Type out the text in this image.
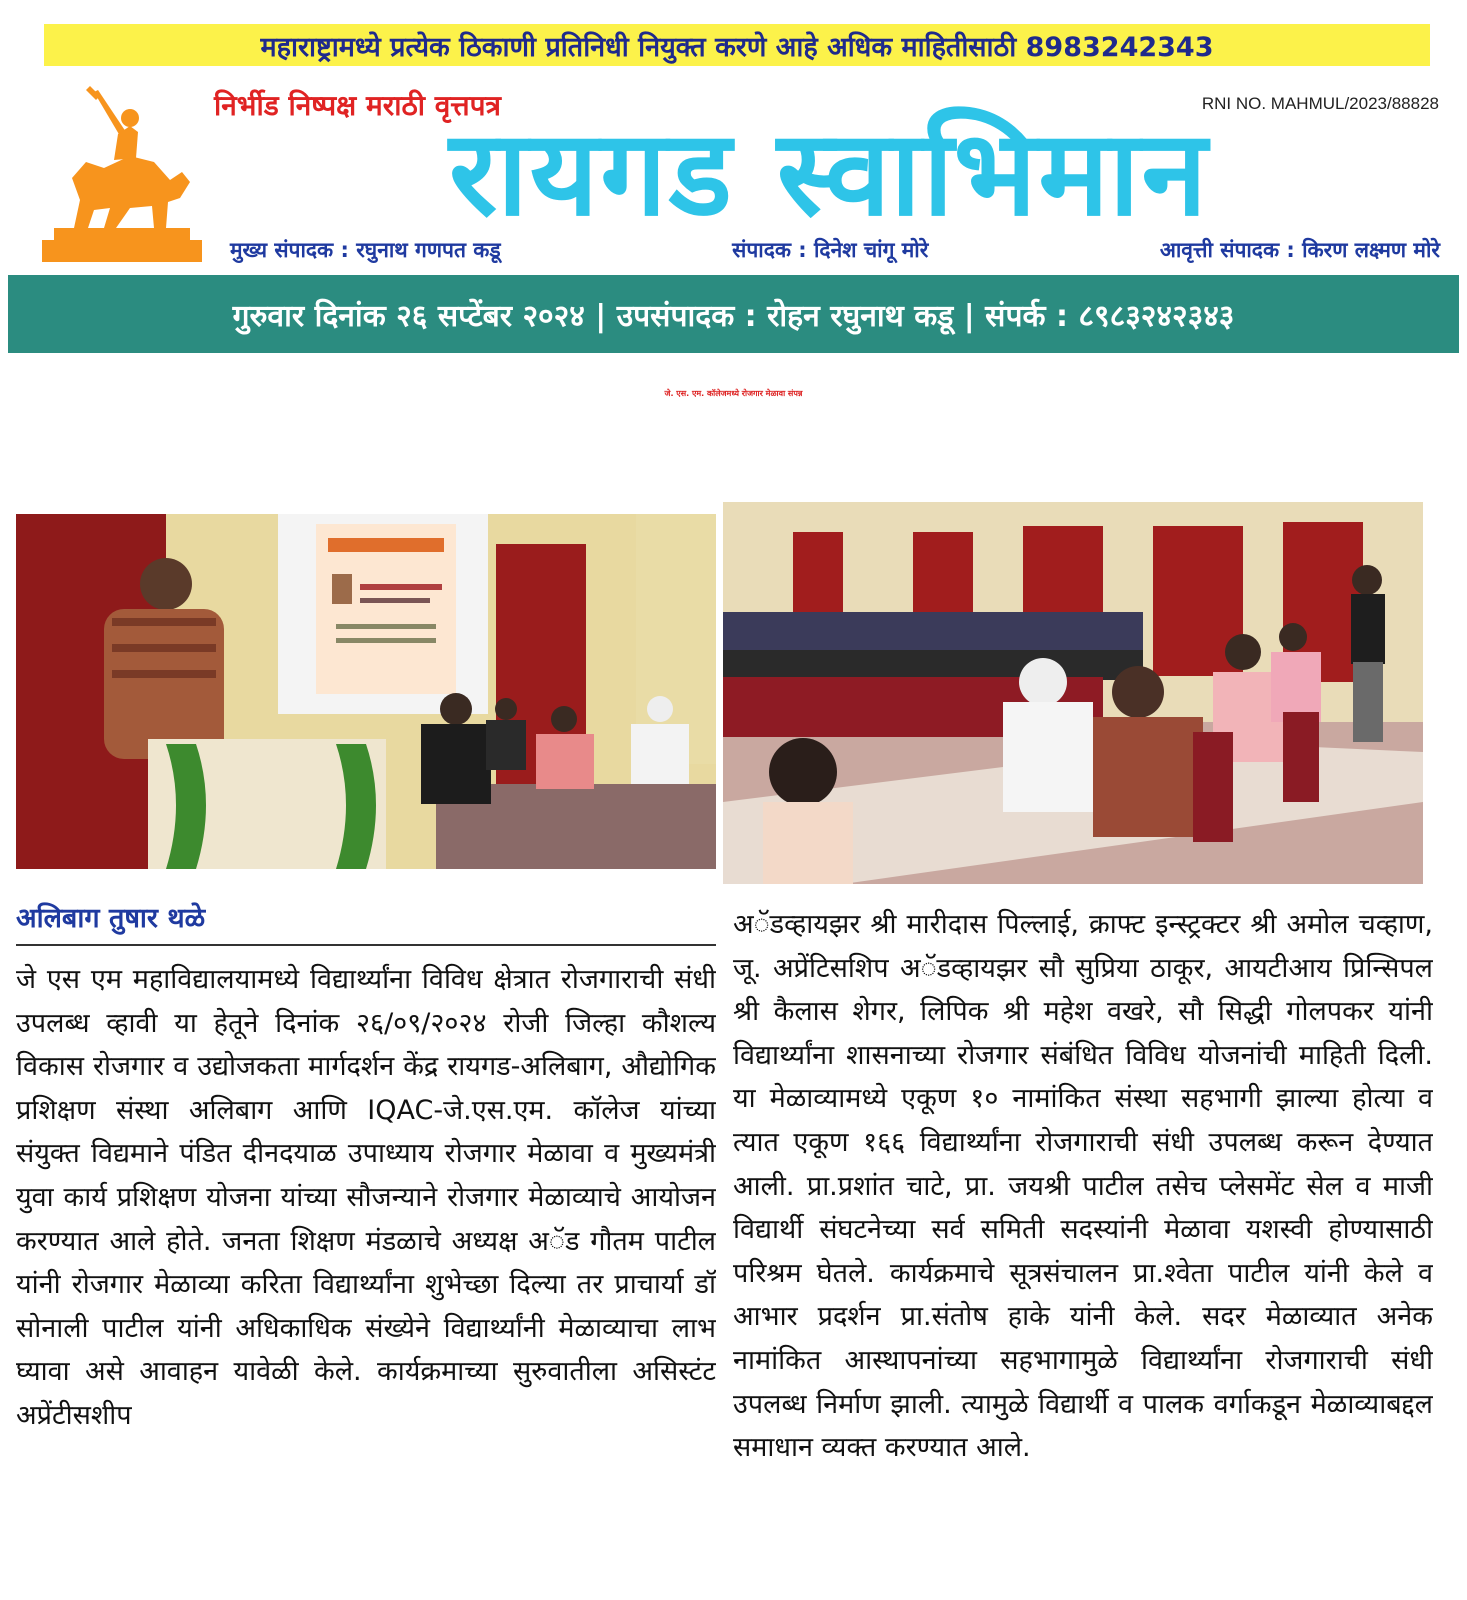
महाराष्ट्रामध्ये प्रत्येक ठिकाणी प्रतिनिधी नियुक्त करणे आहे अधिक माहितीसाठी 8983242343
निर्भीड निष्पक्ष मराठी वृत्तपत्र	RNI NO. MAHMUL/2023/88828
रायगड स्वाभिमान
मुख्य संपादक : रघुनाथ गणपत कडू	संपादक : दिनेश चांगू मोरे	आवृत्ती संपादक : किरण लक्ष्मण मोरे
गुरुवार दिनांक २६ सप्टेंबर २०२४ | उपसंपादक : रोहन रघुनाथ कडू | संपर्क : ८९८३२४२३४३
जे. एस. एम. कॉलेजमध्ये रोजगार मेळावा संपन्न
अलिबाग तुषार थळे
जे एस एम महाविद्यालयामध्ये विद्यार्थ्यांना विविध क्षेत्रात रोजगाराची संधी उपलब्ध व्हावी या हेतूने दिनांक २६/०९/२०२४ रोजी जिल्हा कौशल्य विकास रोजगार व उद्योजकता मार्गदर्शन केंद्र रायगड-अलिबाग, औद्योगिक प्रशिक्षण संस्था अलिबाग आणि IQAC-जे.एस.एम. कॉलेज यांच्या संयुक्त विद्यमाने पंडित दीनदयाळ उपाध्याय रोजगार मेळावा व मुख्यमंत्री युवा कार्य प्रशिक्षण योजना यांच्या सौजन्याने रोजगार मेळाव्याचे आयोजन करण्यात आले होते. जनता शिक्षण मंडळाचे अध्यक्ष अॅड गौतम पाटील यांनी रोजगार मेळाव्या करिता विद्यार्थ्यांना शुभेच्छा दिल्या तर प्राचार्या डॉ सोनाली पाटील यांनी अधिकाधिक संख्येने विद्यार्थ्यांनी मेळाव्याचा लाभ घ्यावा असे आवाहन यावेळी केले. कार्यक्रमाच्या सुरुवातीला असिस्टंट अप्रेंटीसशीप
अॅडव्हायझर श्री मारीदास पिल्लाई, क्राफ्ट इन्स्ट्रक्टर श्री अमोल चव्हाण, जू. अप्रेंटिसशिप अॅडव्हायझर सौ सुप्रिया ठाकूर, आयटीआय प्रिन्सिपल श्री कैलास शेगर, लिपिक श्री महेश वखरे, सौ सिद्धी गोलपकर यांनी विद्यार्थ्यांना शासनाच्या रोजगार संबंधित विविध योजनांची माहिती दिली. या मेळाव्यामध्ये एकूण १० नामांकित संस्था सहभागी झाल्या होत्या व त्यात एकूण १६६ विद्यार्थ्यांना रोजगाराची संधी उपलब्ध करून देण्यात आली. प्रा.प्रशांत चाटे, प्रा. जयश्री पाटील तसेच प्लेसमेंट सेल व माजी विद्यार्थी संघटनेच्या सर्व समिती सदस्यांनी मेळावा यशस्वी होण्यासाठी परिश्रम घेतले. कार्यक्रमाचे सूत्रसंचालन प्रा.श्वेता पाटील यांनी केले व आभार प्रदर्शन प्रा.संतोष हाके यांनी केले. सदर मेळाव्यात अनेक नामांकित आस्थापनांच्या सहभागामुळे विद्यार्थ्यांना रोजगाराची संधी उपलब्ध निर्माण झाली. त्यामुळे विद्यार्थी व पालक वर्गाकडून मेळाव्याबद्दल समाधान व्यक्त करण्यात आले.
